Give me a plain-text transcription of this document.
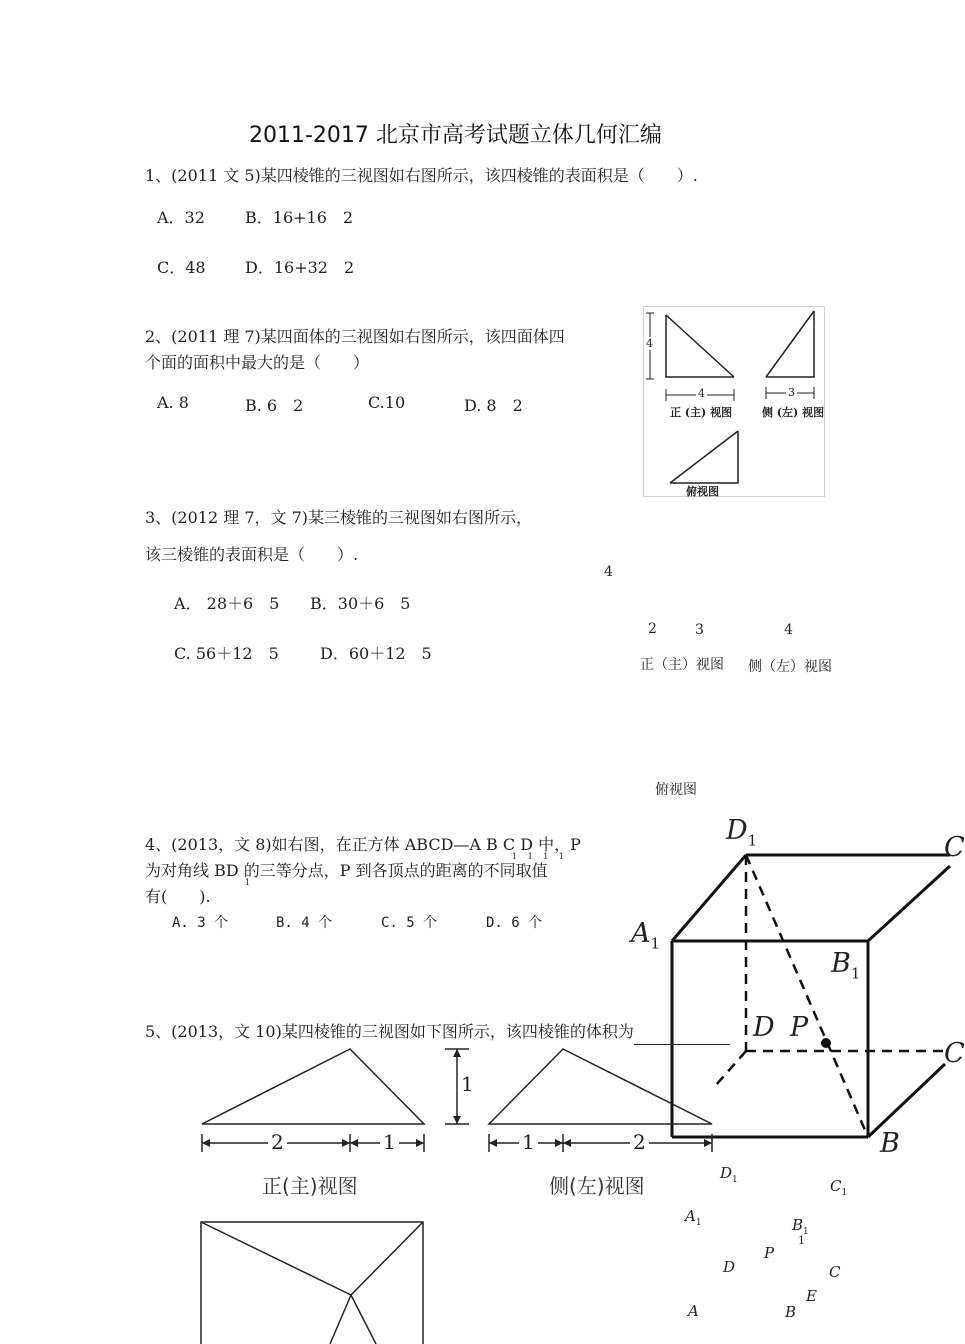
2011-2017 北京市高考试题立体几何汇编
1、(2011 文 5)某四棱锥的三视图如右图所示，该四棱锥的表面积是（　　）.
A．32	B．16+16　2
C．48 D．16+32　2
2、(2011 理 7)某四面体的三视图如右图所示，该四面体四
个面的面积中最大的是（　　）
A. 8	B. 6　2	C.10	D. 8　2
4
4	3
正 (主) 视图	侧 (左) 视图
俯视图
3、(2012 理 7，文 7)某三棱锥的三视图如右图所示，
该三棱锥的表面积是（　　）.
A． 28＋6　5 B．30＋6　5
C. 56＋12　5	D．60＋12　5
4
2	3	4
正（主）视图 侧（左）视图
俯视图
4、(2013，文 8)如右图，在正方体 ABCD—A B C D 中，P
为对角线 BD 的三等分点，P 到各顶点的距离的不同取值
有(　　).
1
1 1 1 1
A. 3 个	B. 4 个	C. 5 个	D. 6 个
$D_1$
$A_1$
$B_1$
D P
B
C
C
5、(2013，文 10)某四棱锥的三视图如下图所示，该四棱锥的体积为
2	1
1
1	2
正(主)视图	侧(左)视图
$D_1$	$C_1$
$A_1$	$B_1$
1
P
D	C
E
A	B
